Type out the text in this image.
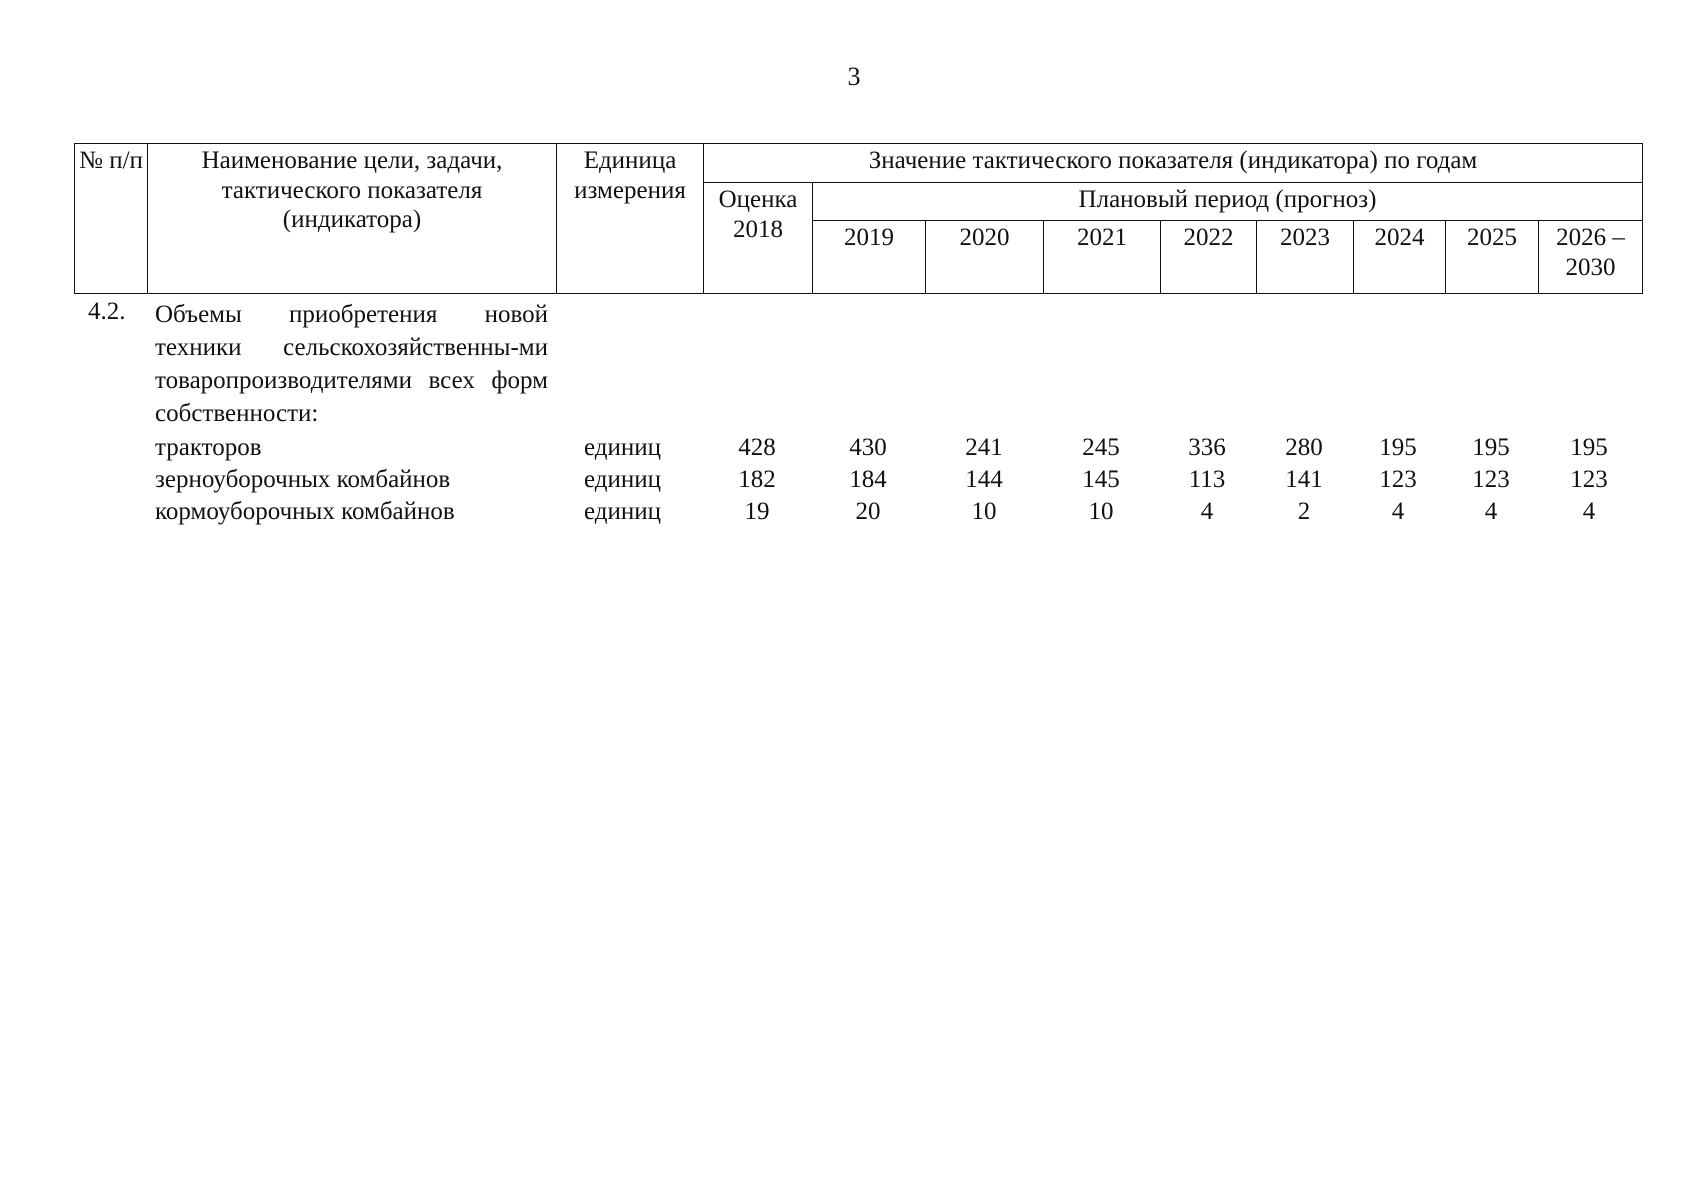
3
№ п/п	Наименование цели, задачи, тактического показателя (индикатора)	Единица измерения	Значение тактического показателя (индикатора) по годам								
			Оценка 2018	Плановый период (прогноз)							
				2019	2020	2021	2022	2023	2024	2025	2026 – 2030
4.2. Объемы приобретения новой техники сельскохозяйственны-ми товаропроизводителями всех форм собственности:
тракторов	единиц	428	430	241	245	336	280	195	195	195
зерноуборочных комбайнов	единиц	182	184	144	145	113	141	123	123	123
кормоуборочных комбайнов	единиц	19	20	10	10	4	2	4	4	4
